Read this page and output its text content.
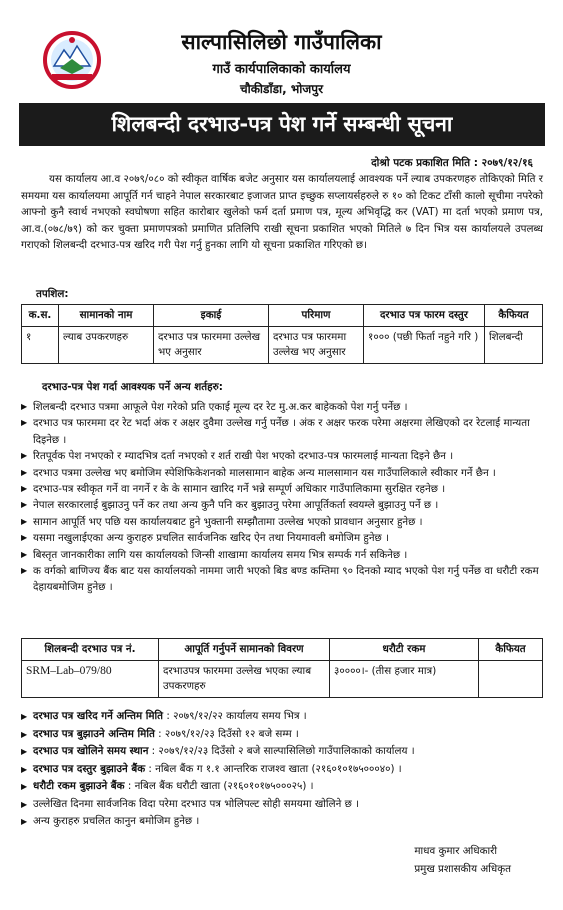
साल्पासिलिछो गाउँपालिका
गाउँ कार्यपालिकाको कार्यालय
चौकीडाँडा, भोजपुर
शिलबन्दी दरभाउ-पत्र पेश गर्ने सम्बन्धी सूचना
दोश्रो पटक प्रकाशित मिति : २०७९/१२/१६
यस कार्यालय आ.व २०७९/०८० को स्वीकृत वार्षिक बजेट अनुसार यस कार्यालयलाई आवश्यक पर्ने ल्याब उपकरणहरु तोकिएको मिति र समयमा यस कार्यालयमा आपूर्ति गर्न चाहने नेपाल सरकारबाट इजाजत प्राप्त इच्छुक सप्लायर्सहरुले रु १० को टिकट टाँसी कालो सूचीमा नपरेको आफ्नो कुनै स्वार्थ नभएको स्वघोषणा सहित कारोबार खुलेको फर्म दर्ता प्रमाण पत्र, मूल्य अभिवृद्धि कर (VAT) मा दर्ता भएको प्रमाण पत्र, आ.व.(०७८/७९) को कर चुक्ता प्रमाणपत्रको प्रमाणित प्रतिलिपि राखी सूचना प्रकाशित भएको मितिले ७ दिन भित्र यस कार्यालयले उपलब्ध गराएको शिलबन्दी दरभाउ-पत्र खरिद गरी पेश गर्नु हुनका लागि यो सूचना प्रकाशित गरिएको छ।
तपशिल:
क.स.	सामानको नाम	इकाई	परिमाण	दरभाउ पत्र फारम दस्तुर	कैफियत
१	ल्याब उपकरणहरु	दरभाउ पत्र फारममा उल्लेख भए अनुसार	दरभाउ पत्र फारममा उल्लेख भए अनुसार	१००० (पछी फिर्ता नहुने गरि )	शिलबन्दी
दरभाउ-पत्र पेश गर्दा आवश्यक पर्ने अन्य शर्तहरु:
▶ शिलबन्दी दरभाउ पत्रमा आफूले पेश गरेको प्रति एकाई मूल्य दर रेट मु.अ.कर बाहेकको पेश गर्नु पर्नेछ ।
▶ दरभाउ पत्र फारममा दर रेट भर्दा अंक र अक्षर दुवैमा उल्लेख गर्नु पर्नेछ । अंक र अक्षर फरक परेमा अक्षरमा लेखिएको दर रेटलाई मान्यता दिइनेछ ।
▶ रितपूर्वक पेश नभएको र म्यादभित्र दर्ता नभएको र शर्त राखी पेश भएको दरभाउ-पत्र फारमलाई मान्यता दिइने छैन ।
▶ दरभाउ पत्रमा उल्लेख भए बमोजिम स्पेशिफिकेशनको मालसामान बाहेक अन्य मालसामान यस गाउँपालिकाले स्वीकार गर्ने छैन ।
▶ दरभाउ-पत्र स्वीकृत गर्ने वा नगर्ने र के के सामान खारिद गर्ने भन्ने सम्पूर्ण अधिकार गाउँपालिकामा सुरक्षित रहनेछ ।
▶ नेपाल सरकारलाई बुझाउनु पर्ने कर तथा अन्य कुनै पनि कर बुझाउनु परेमा आपूर्तिकर्ता स्वयम्ले बुझाउनु पर्ने छ ।
▶ सामान आपूर्ति भए पछि यस कार्यालयबाट हुने भुक्तानी सम्झौतामा उल्लेख भएको प्रावधान अनुसार हुनेछ ।
▶ यसमा नखुलाईएका अन्य कुराहरु प्रचलित सार्वजनिक खरिद ऐन तथा नियमावली बमोजिम हुनेछ ।
▶ बिस्तृत जानकारीका लागि यस कार्यालयको जिन्सी शाखामा कार्यालय समय भित्र सम्पर्क गर्न सकिनेछ ।
▶ क वर्गको बाणिज्य बैंक बाट यस कार्यालयको नाममा जारी भएको बिड बण्ड कम्तिमा ९० दिनको म्याद भएको पेश गर्नु पर्नेछ वा धरौटी रकम देहायबमोजिम हुनेछ ।
शिलबन्दी दरभाउ पत्र नं.	आपूर्ति गर्नुपर्ने सामानको विवरण	धरौटी रकम	कैफियत
SRM–Lab–079/80	दरभाउपत्र फारममा उल्लेख भएका ल्याब उपकरणहरु	३००००।- (तीस हजार मात्र)	
▶ दरभाउ पत्र खरिद गर्ने अन्तिम मिति : २०७९/१२/२२ कार्यालय समय भित्र ।
▶ दरभाउ पत्र बुझाउने अन्तिम मिति : २०७९/१२/२३ दिउँसो १२ बजे सम्म ।
▶ दरभाउ पत्र खोलिने समय स्थान : २०७९/१२/२३ दिउँसो २ बजे साल्पासिलिछो गाउँपालिकाको कार्यालय ।
▶ दरभाउ पत्र दस्तुर बुझाउने बैंक : नबिल बैंक ग १.१ आन्तरिक राजश्व खाता (२१६०१०१७५०००४०) ।
▶ धरौटी रकम बुझाउने बैंक : नबिल बैंक धरौटी खाता (२१६०१०१७५०००२५) ।
▶ उल्लेखित दिनमा सार्वजनिक विदा परेमा दरभाउ पत्र भोलिपल्ट सोही समयमा खोलिने छ ।
▶ अन्य कुराहरु प्रचलित कानुन बमोजिम हुनेछ ।
माधव कुमार अधिकारी
प्रमुख प्रशासकीय अधिकृत
